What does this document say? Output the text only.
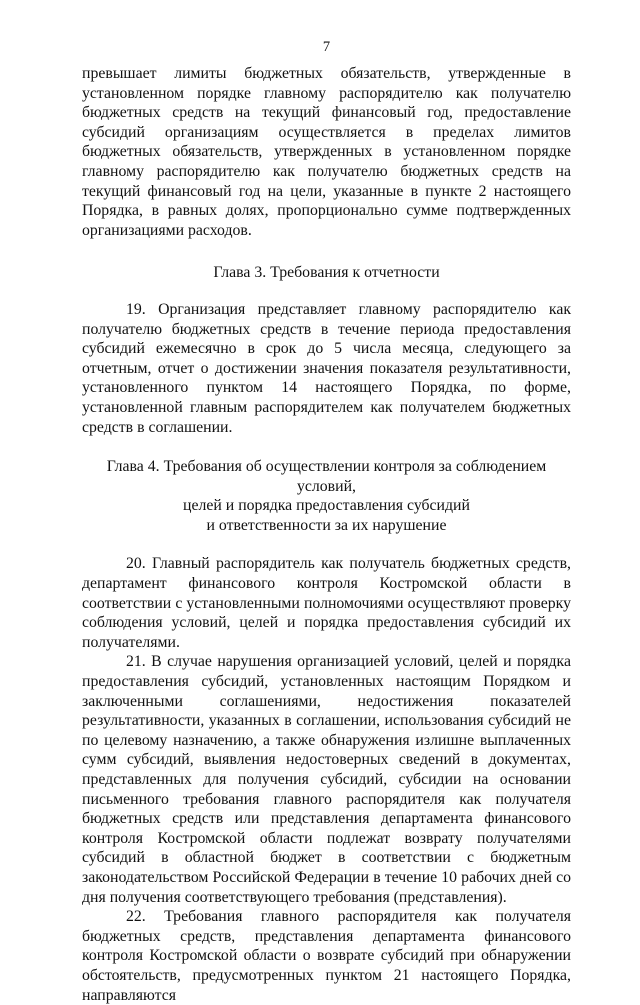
7

превышает лимиты бюджетных обязательств, утвержденные в установленном порядке главному распорядителю как получателю бюджетных средств на текущий финансовый год, предоставление субсидий организациям осуществляется в пределах лимитов бюджетных обязательств, утвержденных в установленном порядке главному распорядителю как получателю бюджетных средств на текущий финансовый год на цели, указанные в пункте 2 настоящего Порядка, в равных долях, пропорционально сумме подтвержденных организациями расходов.

Глава 3. Требования к отчетности

19. Организация представляет главному распорядителю как получателю бюджетных средств в течение периода предоставления субсидий ежемесячно в срок до 5 числа месяца, следующего за отчетным, отчет о достижении значения показателя результативности, установленного пунктом 14 настоящего Порядка, по форме, установленной главным распорядителем как получателем бюджетных средств в соглашении.

Глава 4. Требования об осуществлении контроля за соблюдением условий,

целей и порядка предоставления субсидий

и ответственности за их нарушение

20. Главный распорядитель как получатель бюджетных средств, департамент финансового контроля Костромской области в соответствии с установленными полномочиями осуществляют проверку соблюдения условий, целей и порядка предоставления субсидий их получателями.

21. В случае нарушения организацией условий, целей и порядка предоставления субсидий, установленных настоящим Порядком и заключенными соглашениями, недостижения показателей результативности, указанных в соглашении, использования субсидий не по целевому назначению, а также обнаружения излишне выплаченных сумм субсидий, выявления недостоверных сведений в документах, представленных для получения субсидий, субсидии на основании письменного требования главного распорядителя как получателя бюджетных средств или представления департамента финансового контроля Костромской области подлежат возврату получателями субсидий в областной бюджет в соответствии с бюджетным законодательством Российской Федерации в течение 10 рабочих дней со дня получения соответствующего требования (представления).

22. Требования главного распорядителя как получателя бюджетных средств, представления департамента финансового контроля Костромской области о возврате субсидий при обнаружении обстоятельств, предусмотренных пунктом 21 настоящего Порядка, направляются
